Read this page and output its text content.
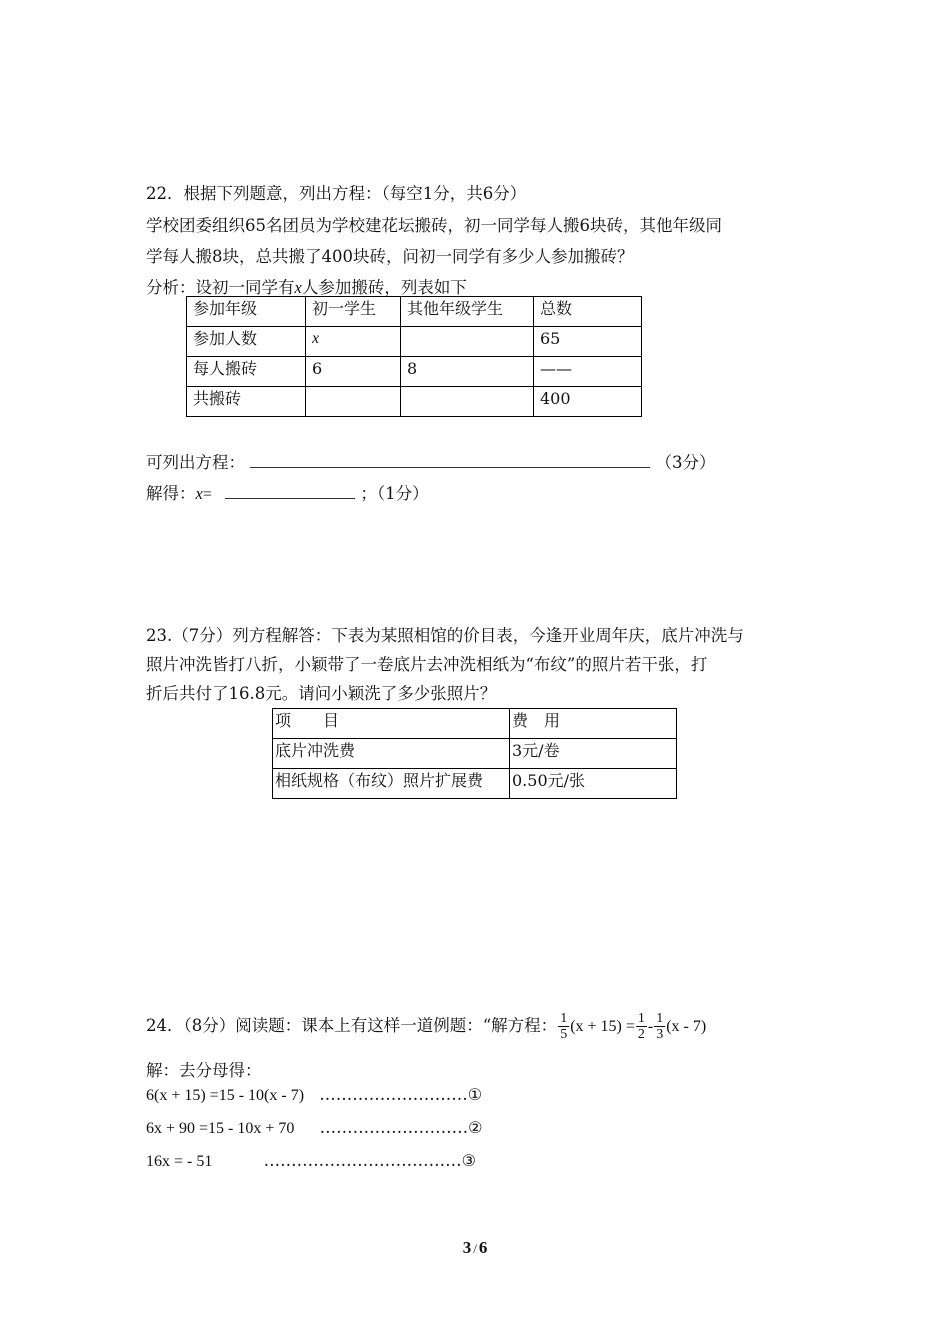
22．根据下列题意，列出方程：（每空1分，共6分）
学校团委组织65名团员为学校建花坛搬砖，初一同学每人搬6块砖，其他年级同
学每人搬8块，总共搬了400块砖，问初一同学有多少人参加搬砖？
分析：设初一同学有x人参加搬砖，列表如下
参加年级	初一学生	其他年级学生	总数
参加人数	x		65
每人搬砖	6	8	——
共搬砖			400
可列出方程：	（3分）
解得：x=	；（1分）
23.（7分）列方程解答：下表为某照相馆的价目表，今逢开业周年庆，底片冲洗与
照片冲洗皆打八折，小颖带了一卷底片去冲洗相纸为“布纹”的照片若干张，打
折后共付了16.8元。请问小颖洗了多少张照片？
项　　目	费　用
底片冲洗费	3元/卷
相纸规格（布纹）照片扩展费	0.50元/张
24．（8分）阅读题：课本上有这样一道例题：“解方程： $\frac{1}{5} (x + 15) = \frac{1}{2} - \frac{1}{3} (x - 7)$
解：去分母得：
6(x + 15) =15 - 10(x - 7) ………………………①
6x + 90 =15 - 10x + 70 ………………………②
16x = - 51	………………………………③
3 / 6
